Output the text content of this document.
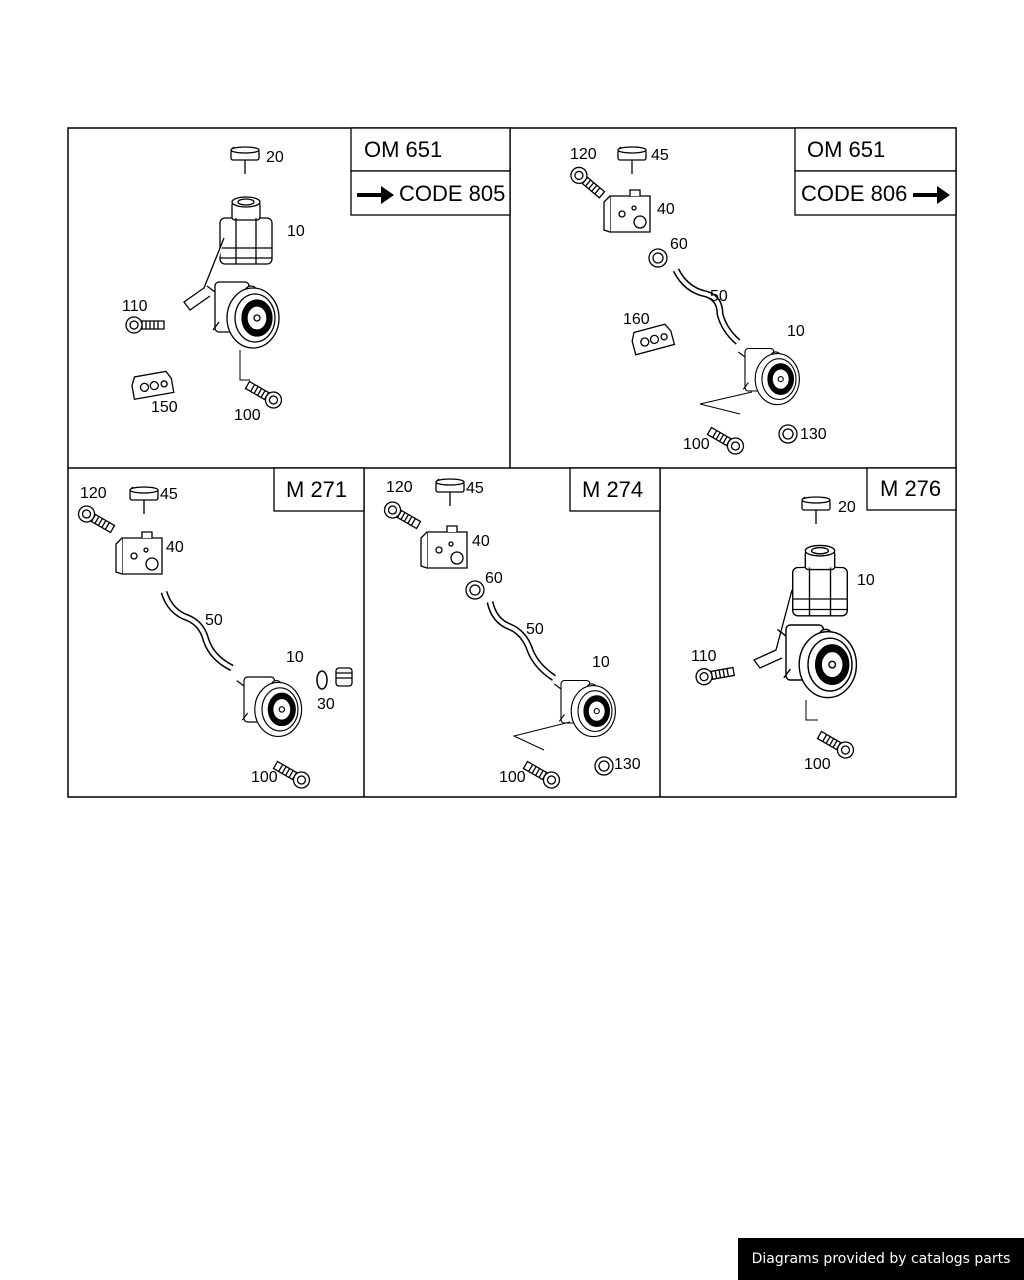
OM 651
CODE 805
20
10
110
150	100
OM 651
CODE 806
120	45
40
60
50
160
10
100
130
M 271
120	45
40
50
10
30
100
M 274
120	45
40
60
50
10
100
130
M 276
20
10
110
100
Diagrams provided by catalogs parts
